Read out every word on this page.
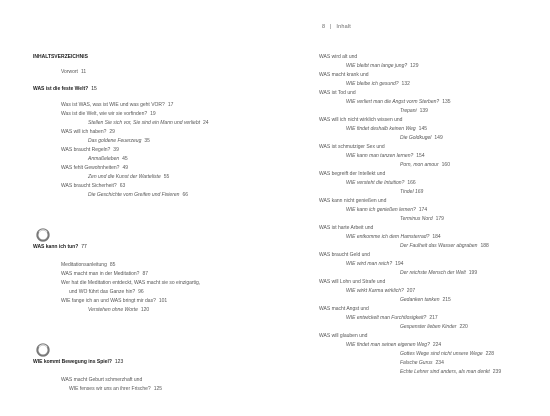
8 | Inhalt
INHALTSVERZEICHNIS
Vorwort 11
WAS ist die feste Welt? 15
Was ist WAS, was ist WIE und was geht VOR? 17
Was ist die Welt, wie wir sie vorfinden? 19
Stellen Sie sich vor, Sie sind ein Mann und verliebt 24
WAS will ich haben? 29
Das goldene Feuerzeug 35
WAS braucht Regeln? 39
Anmaßeleben 45
WAS fehlt Gewohnheiten? 49
Zen und die Kunst der Warteliste 55
WAS braucht Sicherheit? 63
Die Geschichte vom Greifen und Fixieren 66
WAS kann ich tun? 77
Meditationsanleitung 85
WAS macht man in der Meditation? 87
Wer hat die Meditation entdeckt, WAS macht sie so einzigartig,
und WO führt das Ganze hin? 96
WIE fange ich an und WAS bringt mir das? 101
Verstehen ohne Worte 120
WIE kommt Bewegung ins Spiel? 123
WAS macht Geburt schmerzhaft und
WIE fenses wir uns an ihrer Frische? 125
WAS wird alt und
WIE bleibt man lange jung? 129
WAS macht krank und
WIE bleibe ich gesund? 132
WAS ist Tod und
WIE verliert man die Angst vorm Sterben? 135
Trepani 139
WAS will ich nicht wirklich wissen und
WIE findet deshalb keinen Weg 145
Die Goldkugel 149
WAS ist schmutziger Sex und
WIE kann man tanzen lernen? 154
Porn, mon amour 160
WAS begreift der Intellekt und
WIE versteht die Intuition? 166
Tindel 169
WAS kann nicht genießen und
WIE kann ich genießen lernen? 174
Terminus Nord 179
WAS ist harte Arbeit und
WIE entkomme ich dem Hamsterrad? 184
Der Faulheit das Wasser abgraben 188
WAS braucht Geld und
WIE wird man reich? 194
Der reichste Mensch der Welt 199
WAS will Lohn und Strafe und
WIE wirkt Karma wirklich? 207
Gedanken tanken 215
WAS macht Angst und
WIE entwickelt man Furchtlosigkeit? 217
Gespenster lieben Kinder 220
WAS will glauben und
WIE findet man seinen eigenen Weg? 224
Gottes Wege sind nicht unsere Wege 228
Falsche Gurus 234
Echte Lehrer sind anders, als man denkt 239
